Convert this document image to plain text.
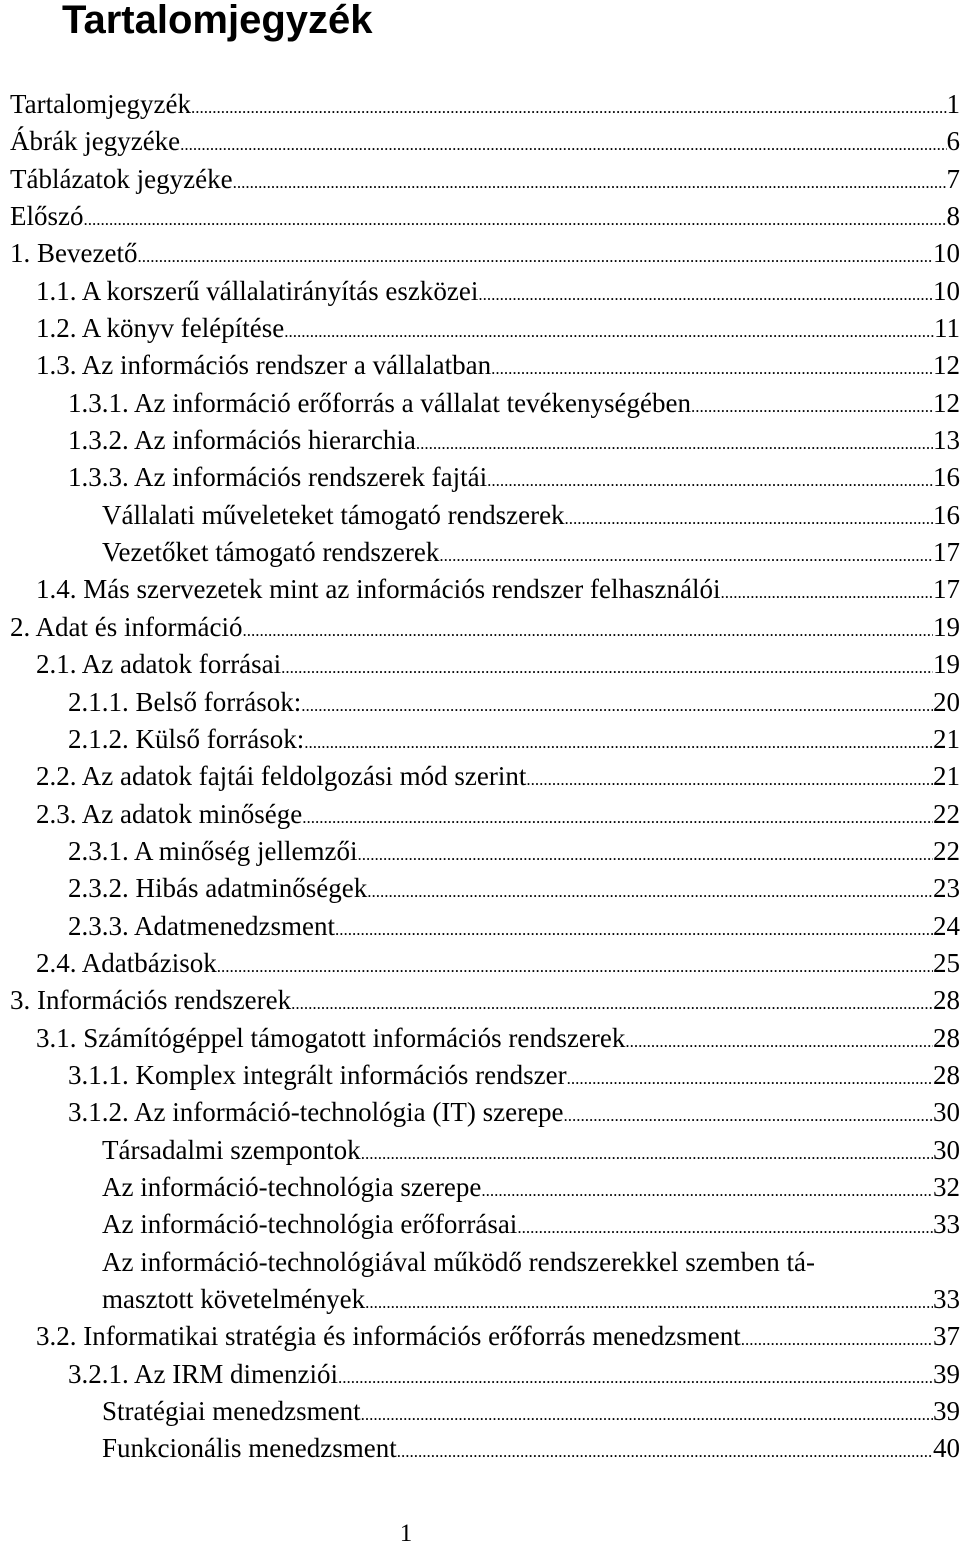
Tartalomjegyzék
Tartalomjegyzék .....	1
Ábrák jegyzéke .....	6
Táblázatok jegyzéke .....	7
Előszó .....	8
1. Bevezető .....	10
1.1. A korszerű vállalatirányítás eszközei .....	10
1.2. A könyv felépítése .....	11
1.3. Az információs rendszer a vállalatban .....	12
1.3.1. Az információ erőforrás a vállalat tevékenységében .....	12
1.3.2. Az információs hierarchia .....	13
1.3.3. Az információs rendszerek fajtái .....	16
Vállalati műveleteket támogató rendszerek .....	16
Vezetőket támogató rendszerek .....	17
1.4. Más szervezetek mint az információs rendszer felhasználói .....	17
2. Adat és információ .....	19
2.1. Az adatok forrásai .....	19
2.1.1. Belső források: .....	20
2.1.2. Külső források: .....	21
2.2. Az adatok fajtái feldolgozási mód szerint .....	21
2.3. Az adatok minősége .....	22
2.3.1. A minőség jellemzői .....	22
2.3.2. Hibás adatminőségek .....	23
2.3.3. Adatmenedzsment .....	24
2.4. Adatbázisok .....	25
3. Információs rendszerek .....	28
3.1. Számítógéppel támogatott információs rendszerek .....	28
3.1.1. Komplex integrált információs rendszer .....	28
3.1.2. Az információ-technológia (IT) szerepe .....	30
Társadalmi szempontok .....	30
Az információ-technológia szerepe .....	32
Az információ-technológia erőforrásai .....	33
Az információ-technológiával működő rendszerekkel szemben tá-
masztott követelmények .....	33
3.2. Informatikai stratégia és információs erőforrás menedzsment .....	37
3.2.1. Az IRM dimenziói .....	39
Stratégiai menedzsment .....	39
Funkcionális menedzsment .....	40
1
